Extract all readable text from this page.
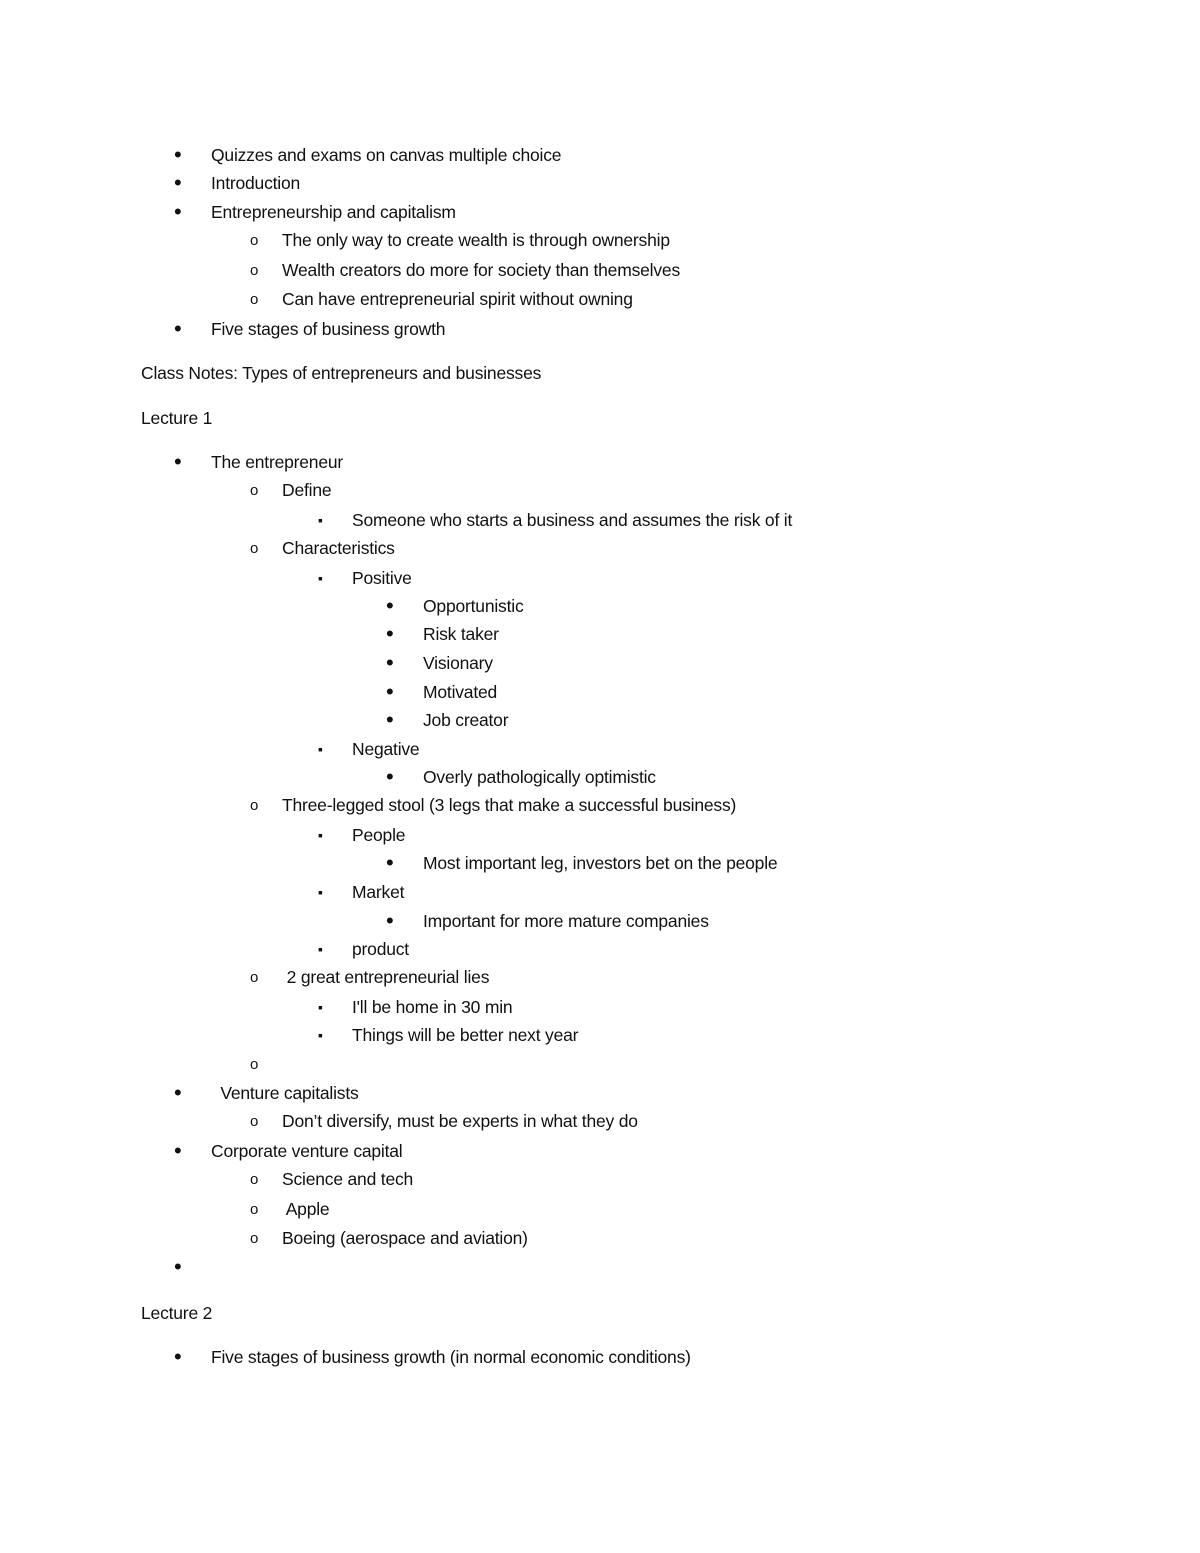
•
Quizzes and exams on canvas multiple choice
•
Introduction
•
Entrepreneurship and capitalism
o
The only way to create wealth is through ownership
o
Wealth creators do more for society than themselves
o
Can have entrepreneurial spirit without owning
•
Five stages of business growth
Class Notes: Types of entrepreneurs and businesses
Lecture 1
•
The entrepreneur
o
Define
▪
Someone who starts a business and assumes the risk of it
o
Characteristics
▪
Positive
•
Opportunistic
•
Risk taker
•
Visionary
•
Motivated
•
Job creator
▪
Negative
•
Overly pathologically optimistic
o
Three-legged stool (3 legs that make a successful business)
▪
People
•
Most important leg, investors bet on the people
▪
Market
•
Important for more mature companies
▪
product
o
2 great entrepreneurial lies
▪
I'll be home in 30 min
▪
Things will be better next year
o
•
Venture capitalists
o
Don’t diversify, must be experts in what they do
•
Corporate venture capital
o
Science and tech
o
Apple
o
Boeing (aerospace and aviation)
•
Lecture 2
•
Five stages of business growth (in normal economic conditions)
